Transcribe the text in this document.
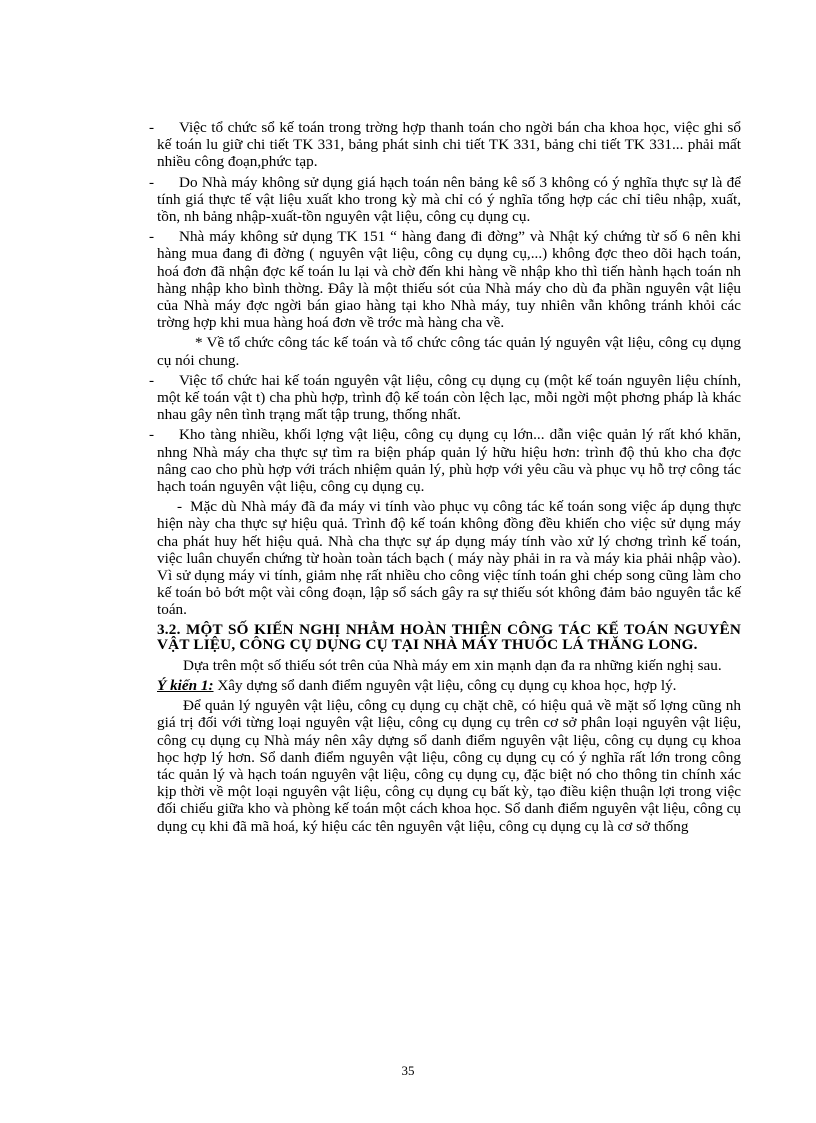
- Việc tổ chức sổ kế toán trong trờng hợp thanh toán cho ngời bán cha khoa học, việc ghi sổ kế toán lu giữ chi tiết TK 331, bảng phát sinh chi tiết TK 331, bảng chi tiết TK 331... phải mất nhiều công đoạn,phức tạp.

- Do Nhà máy không sử dụng giá hạch toán nên bảng kê số 3 không có ý nghĩa thực sự là để tính giá thực tế vật liệu xuất kho trong kỳ mà chỉ có ý nghĩa tổng hợp các chỉ tiêu nhập, xuất, tồn, nh bảng nhập-xuất-tồn nguyên vật liệu, công cụ dụng cụ.

- Nhà máy không sử dụng TK 151 “ hàng đang đi đờng” và Nhật ký chứng từ số 6 nên khi hàng mua đang đi đờng ( nguyên vật liệu, công cụ dụng cụ,...) không đợc theo dõi hạch toán, hoá đơn đã nhận đợc kế toán lu lại và chờ đến khi hàng về nhập kho thì tiến hành hạch toán nh hàng nhập kho bình thờng. Đây là một thiếu sót của Nhà máy cho dù đa phần nguyên vật liệu của Nhà máy đợc ngời bán giao hàng tại kho Nhà máy, tuy nhiên vẫn không tránh khỏi các trờng hợp khi mua hàng hoá đơn về trớc mà hàng cha về.

* Về tổ chức công tác kế toán và tổ chức công tác quản lý nguyên vật liệu, công cụ dụng cụ nói chung.

- Việc tổ chức hai kế toán nguyên vật liệu, công cụ dụng cụ (một kế toán nguyên liệu chính, một kế toán vật t) cha phù hợp, trình độ kế toán còn lệch lạc, mỗi ngời một phơng pháp là khác nhau gây nên tình trạng mất tập trung, thống nhất.

- Kho tàng nhiều, khối lợng vật liệu, công cụ dụng cụ lớn... dẫn việc quản lý rất khó khăn, nhng Nhà máy cha thực sự tìm ra biện pháp quản lý hữu hiệu hơn: trình độ thủ kho cha đợc nâng cao cho phù hợp với trách nhiệm quản lý, phù hợp với yêu cầu và phục vụ hỗ trợ công tác hạch toán nguyên vật liệu, công cụ dụng cụ.

- Mặc dù Nhà máy đã đa máy vi tính vào phục vụ công tác kế toán song việc áp dụng thực hiện này cha thực sự hiệu quả. Trình độ kế toán không đồng đều khiến cho việc sử dụng máy cha phát huy hết hiệu quả. Nhà cha thực sự áp dụng máy tính vào xử lý chơng trình kế toán, việc luân chuyển chứng từ hoàn toàn tách bạch ( máy này phải in ra và máy kia phải nhập vào). Vì sử dụng máy vi tính, giảm nhẹ rất nhiều cho công việc tính toán ghi chép song cũng làm cho kế toán bỏ bớt một vài công đoạn, lập sổ sách gây ra sự thiếu sót không đảm bảo nguyên tắc kế toán.

3.2. MỘT SỐ KIẾN NGHỊ NHẰM HOÀN THIỆN CÔNG TÁC KẾ TOÁN NGUYÊN VẬT LIỆU, CÔNG CỤ DỤNG CỤ TẠI NHÀ MÁY THUỐC LÁ THĂNG LONG.

Dựa trên một số thiếu sót trên của Nhà máy em xin mạnh dạn đa ra những kiến nghị sau.

Ý kiến 1: Xây dựng sổ danh điểm nguyên vật liệu, công cụ dụng cụ khoa học, hợp lý.

Để quản lý nguyên vật liệu, công cụ dụng cụ chặt chẽ, có hiệu quả về mặt số lợng cũng nh giá trị đối với từng loại nguyên vật liệu, công cụ dụng cụ trên cơ sở phân loại nguyên vật liệu, công cụ dụng cụ Nhà máy nên xây dựng sổ danh điểm nguyên vật liệu, công cụ dụng cụ khoa học hợp lý hơn. Sổ danh điểm nguyên vật liệu, công cụ dụng cụ có ý nghĩa rất lớn trong công tác quản lý và hạch toán nguyên vật liệu, công cụ dụng cụ, đặc biệt nó cho thông tin chính xác kịp thời về một loại nguyên vật liệu, công cụ dụng cụ bất kỳ, tạo điều kiện thuận lợi trong việc đối chiếu giữa kho và phòng kế toán một cách khoa học. Sổ danh điểm nguyên vật liệu, công cụ dụng cụ khi đã mã hoá, ký hiệu các tên nguyên vật liệu, công cụ dụng cụ là cơ sở thống

35
